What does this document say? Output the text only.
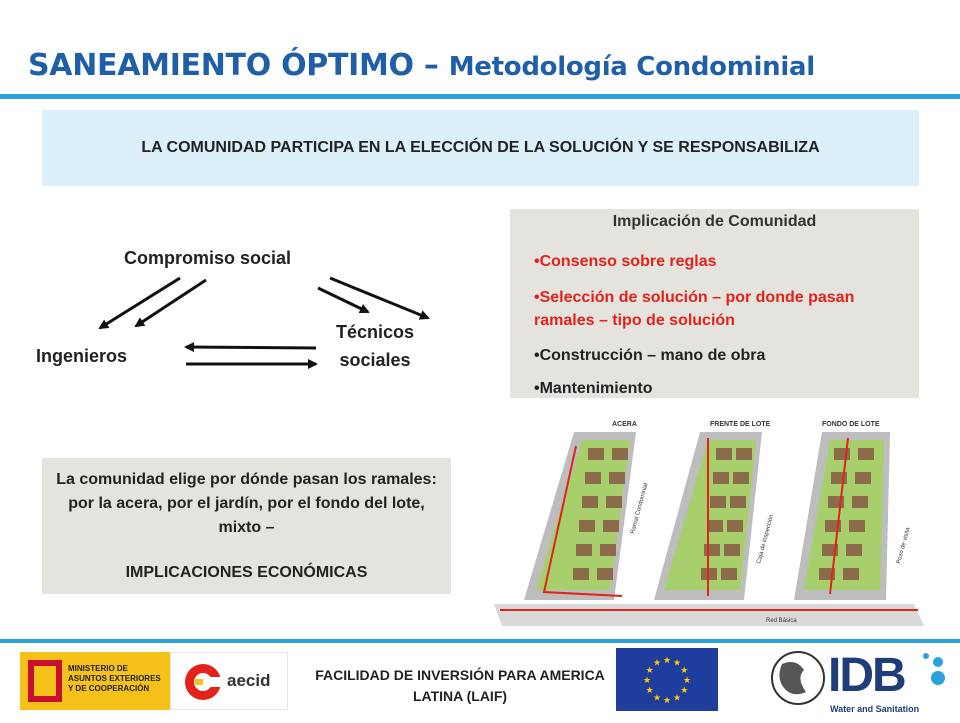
SANEAMIENTO ÓPTIMO – Metodología Condominial
LA COMUNIDAD PARTICIPA EN LA ELECCIÓN DE LA SOLUCIÓN Y SE RESPONSABILIZA
Compromiso social
Ingenieros
Técnicos
sociales
Implicación de Comunidad
•Consenso sobre reglas
•Selección de solución – por donde pasan ramales – tipo de solución
•Construcción – mano de obra
•Mantenimiento
La comunidad elige por dónde pasan los ramales: por la acera, por el jardín, por el fondo del lote, mixto –
IMPLICACIONES ECONÓMICAS
ACERA	FRENTE DE LOTE	FONDO DE LOTE
Ramal Condominial
Caja de inspección	Pozo de visita
Red Básica
MINISTERIO DE ASUNTOS EXTERIORES Y DE COOPERACIÓN	aecid	FACILIDAD DE INVERSIÓN PARA AMERICA LATINA (LAIF)
★
★
★
★
★
★
★
★
★ ★ ★
★	IDB
Water and Sanitation
